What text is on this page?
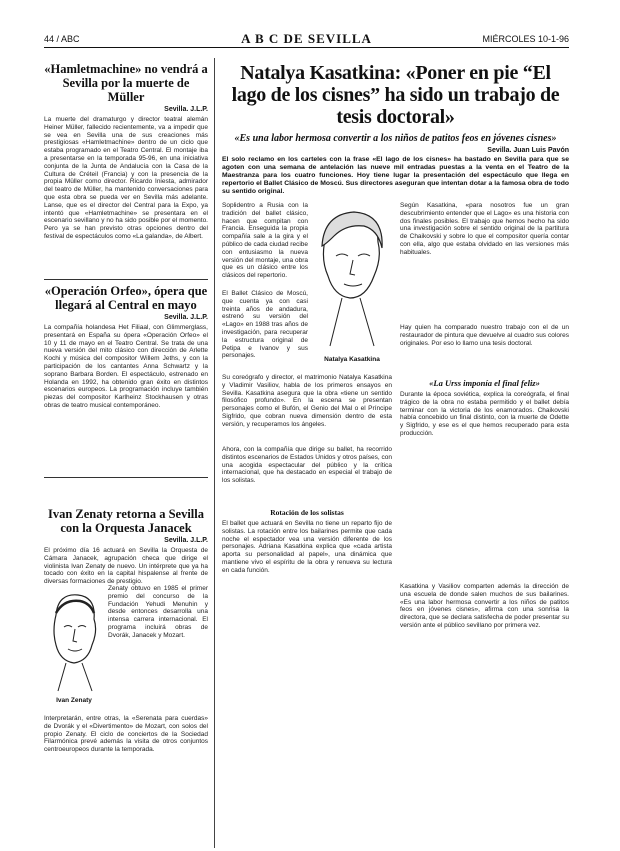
44 / ABC	A B C DE SEVILLA	MIÉRCOLES 10-1-96
«Hamletmachine» no vendrá a Sevilla por la muerte de Müller
Sevilla. J.L.P.

La muerte del dramaturgo y director teatral alemán Heiner Müller, fallecido recientemente, va a impedir que se vea en Sevilla una de sus creaciones más prestigiosas «Hamletmachine» dentro de un ciclo que estaba programado en el Teatro Central. El montaje iba a presentarse en la temporada 95-96, en una iniciativa conjunta de la Junta de Andalucía con la Casa de la Cultura de Créteil (Francia) y con la presencia de la propia Müller como director. Ricardo Iniesta, admirador del teatro de Müller, ha mantenido conversaciones para que esta obra se pueda ver en Sevilla más adelante. Lanse, que es el director del Central para la Expo, ya intentó que «Hamletmachine» se presentara en el escenario sevillano y no ha sido posible por el momento. Pero ya se han previsto otras opciones dentro del festival de espectáculos como «La galanda», de Albert.

«Operación Orfeo», ópera que llegará al Central en mayo
Sevilla. J.L.P.

La compañía holandesa Het Filiaal, con Glimmerglass, presentará en España su ópera «Operación Orfeo» el 10 y 11 de mayo en el Teatro Central. Se trata de una nueva versión del mito clásico con dirección de Arlette Kochi y música del compositor Willem Jeths, y con la participación de los cantantes Anna Schwartz y la soprano Barbara Borden. El espectáculo, estrenado en Holanda en 1992, ha obtenido gran éxito en distintos escenarios europeos. La programación incluye también piezas del compositor Karlheinz Stockhausen y otras obras de teatro musical contemporáneo.

Ivan Zenaty retorna a Sevilla con la Orquesta Janacek
Sevilla. J.L.P.

El próximo día 16 actuará en Sevilla la Orquesta de Cámara Janacek, agrupación checa que dirige el violinista Ivan Zenaty de nuevo. Un intérprete que ya ha tocado con éxito en la capital hispalense al frente de diversas formaciones de prestigio.

Ivan Zenaty

Zenaty obtuvo en 1985 el primer premio del concurso de la Fundación Yehudi Menuhin y desde entonces desarrolla una intensa carrera internacional. El programa incluirá obras de Dvorák, Janacek y Mozart.

Interpretarán, entre otras, la «Serenata para cuerdas» de Dvorák y el «Divertimento» de Mozart, con solos del propio Zenaty. El ciclo de conciertos de la Sociedad Filarmónica prevé además la visita de otros conjuntos centroeuropeos durante la temporada.

Natalya Kasatkina: «Poner en pie “El lago de los cisnes” ha sido un trabajo de tesis doctoral»
«Es una labor hermosa convertir a los niños de patitos feos en jóvenes cisnes»
Sevilla. Juan Luis Pavón

El solo reclamo en los carteles con la frase «El lago de los cisnes» ha bastado en Sevilla para que se agoten con una semana de antelación las nueve mil entradas puestas a la venta en el Teatro de la Maestranza para los cuatro funciones. Hoy tiene lugar la presentación del espectáculo que llega en repertorio el Ballet Clásico de Moscú. Sus directores aseguran que intentan dotar a la famosa obra de todo su sentido original.

Soplidentro a Rusia con la tradición del ballet clásico, hacen que compitan con Francia. Enseguida la propia compañía sale a la gira y el público de cada ciudad recibe con entusiasmo la nueva versión del montaje, una obra que es un clásico entre los clásicos del repertorio.

El Ballet Clásico de Moscú, que cuenta ya con casi treinta años de andadura, estrenó su versión del «Lago» en 1988 tras años de investigación, para recuperar la estructura original de Petipa e Ivanov y sus personajes.

Natalya Kasatkina

Su coreógrafo y director, el matrimonio Natalya Kasatkina y Vladimir Vasiliov, habla de los primeros ensayos en Sevilla. Kasatkina asegura que la obra «tiene un sentido filosófico profundo». En la escena se presentan personajes como el Bufón, el Genio del Mal o el Príncipe Sigfrido, que cobran nueva dimensión dentro de esta versión, y recuperamos los ángeles.

Ahora, con la compañía que dirige su ballet, ha recorrido distintos escenarios de Estados Unidos y otros países, con una acogida espectacular del público y la crítica internacional, que ha destacado en especial el trabajo de los solistas.

Rotación de los solistas

El ballet que actuará en Sevilla no tiene un reparto fijo de solistas. La rotación entre los bailarines permite que cada noche el espectador vea una versión diferente de los personajes. Adriana Kasatkina explica que «cada artista aporta su personalidad al papel», una dinámica que mantiene vivo el espíritu de la obra y renueva su lectura en cada función.

Según Kasatkina, «para nosotros fue un gran descubrimiento entender que el Lago» es una historia con dos finales posibles. El trabajo que hemos hecho ha sido una investigación sobre el sentido original de la partitura de Chaikovski y sobre lo que el compositor quería contar con ella, algo que estaba olvidado en las versiones más habituales.

Hay quien ha comparado nuestro trabajo con el de un restaurador de pintura que devuelve al cuadro sus colores originales. Por eso lo llamo una tesis doctoral.

«La Urss imponía el final feliz»

Durante la época soviética, explica la coreógrafa, el final trágico de la obra no estaba permitido y el ballet debía terminar con la victoria de los enamorados. Chaikovski había concebido un final distinto, con la muerte de Odette y Sigfrido, y ese es el que hemos recuperado para esta producción.

Kasatkina y Vasiliov comparten además la dirección de una escuela de donde salen muchos de sus bailarines. «Es una labor hermosa convertir a los niños de patitos feos en jóvenes cisnes», afirma con una sonrisa la directora, que se declara satisfecha de poder presentar su versión ante el público sevillano por primera vez.
